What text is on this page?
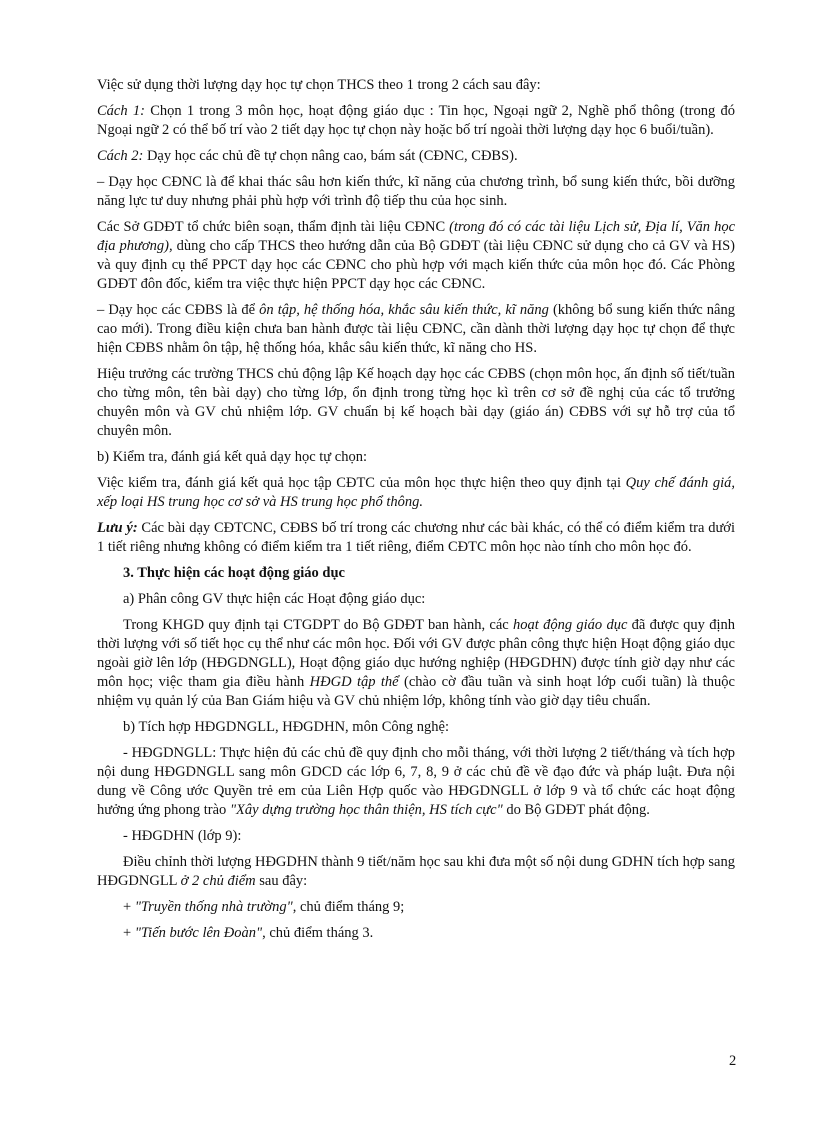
Việc sử dụng thời lượng dạy học tự chọn THCS theo 1 trong 2 cách sau đây:

Cách 1: Chọn 1 trong 3 môn học, hoạt động giáo dục : Tin học, Ngoại ngữ 2, Nghề phổ thông (trong đó Ngoại ngữ 2 có thể bố trí vào 2 tiết dạy học tự chọn này hoặc bố trí ngoài thời lượng dạy học 6 buổi/tuần).

Cách 2: Dạy học các chủ đề tự chọn nâng cao, bám sát (CĐNC, CĐBS).

– Dạy học CĐNC là để khai thác sâu hơn kiến thức, kĩ năng của chương trình, bổ sung kiến thức, bồi dưỡng năng lực tư duy nhưng phải phù hợp với trình độ tiếp thu của học sinh.

Các Sở GDĐT tổ chức biên soạn, thẩm định tài liệu CĐNC (trong đó có các tài liệu Lịch sử, Địa lí, Văn học địa phương), dùng cho cấp THCS theo hướng dẫn của Bộ GDĐT (tài liệu CĐNC sử dụng cho cả GV và HS) và quy định cụ thể PPCT dạy học các CĐNC cho phù hợp với mạch kiến thức của môn học đó. Các Phòng GDĐT đôn đốc, kiểm tra việc thực hiện PPCT dạy học các CĐNC.

– Dạy học các CĐBS là để ôn tập, hệ thống hóa, khắc sâu kiến thức, kĩ năng (không bổ sung kiến thức nâng cao mới). Trong điều kiện chưa ban hành được tài liệu CĐNC, cần dành thời lượng dạy học tự chọn để thực hiện CĐBS nhằm ôn tập, hệ thống hóa, khắc sâu kiến thức, kĩ năng cho HS.

Hiệu trưởng các trường THCS chủ động lập Kế hoạch dạy học các CĐBS (chọn môn học, ấn định số tiết/tuần cho từng môn, tên bài dạy) cho từng lớp, ổn định trong từng học kì trên cơ sở đề nghị của các tổ trưởng chuyên môn và GV chủ nhiệm lớp. GV chuẩn bị kế hoạch bài dạy (giáo án) CĐBS với sự hỗ trợ của tổ chuyên môn.

b) Kiểm tra, đánh giá kết quả dạy học tự chọn:

Việc kiểm tra, đánh giá kết quả học tập CĐTC của môn học thực hiện theo quy định tại Quy chế đánh giá, xếp loại HS trung học cơ sở và HS trung học phổ thông.

Lưu ý: Các bài dạy CĐTCNC, CĐBS bố trí trong các chương như các bài khác, có thể có điểm kiểm tra dưới 1 tiết riêng nhưng không có điểm kiểm tra 1 tiết riêng, điểm CĐTC môn học nào tính cho môn học đó.

3. Thực hiện các hoạt động giáo dục

a) Phân công GV thực hiện các Hoạt động giáo dục:

Trong KHGD quy định tại CTGDPT do Bộ GDĐT ban hành, các hoạt động giáo dục đã được quy định thời lượng với số tiết học cụ thể như các môn học. Đối với GV được phân công thực hiện Hoạt động giáo dục ngoài giờ lên lớp (HĐGDNGLL), Hoạt động giáo dục hướng nghiệp (HĐGDHN) được tính giờ dạy như các môn học; việc tham gia điều hành HĐGD tập thể (chào cờ đầu tuần và sinh hoạt lớp cuối tuần) là thuộc nhiệm vụ quản lý của Ban Giám hiệu và GV chủ nhiệm lớp, không tính vào giờ dạy tiêu chuẩn.

b) Tích hợp HĐGDNGLL, HĐGDHN, môn Công nghệ:

- HĐGDNGLL: Thực hiện đủ các chủ đề quy định cho mỗi tháng, với thời lượng 2 tiết/tháng và tích hợp nội dung HĐGDNGLL sang môn GDCD các lớp 6, 7, 8, 9 ở các chủ đề về đạo đức và pháp luật. Đưa nội dung về Công ước Quyền trẻ em của Liên Hợp quốc vào HĐGDNGLL ở lớp 9 và tổ chức các hoạt động hưởng ứng phong trào "Xây dựng trường học thân thiện, HS tích cực" do Bộ GDĐT phát động.

- HĐGDHN (lớp 9):

Điều chỉnh thời lượng HĐGDHN thành 9 tiết/năm học sau khi đưa một số nội dung GDHN tích hợp sang HĐGDNGLL ở 2 chủ điểm sau đây:

+ "Truyền thống nhà trường", chủ điểm tháng 9;

+ "Tiến bước lên Đoàn", chủ điểm tháng 3.

2
